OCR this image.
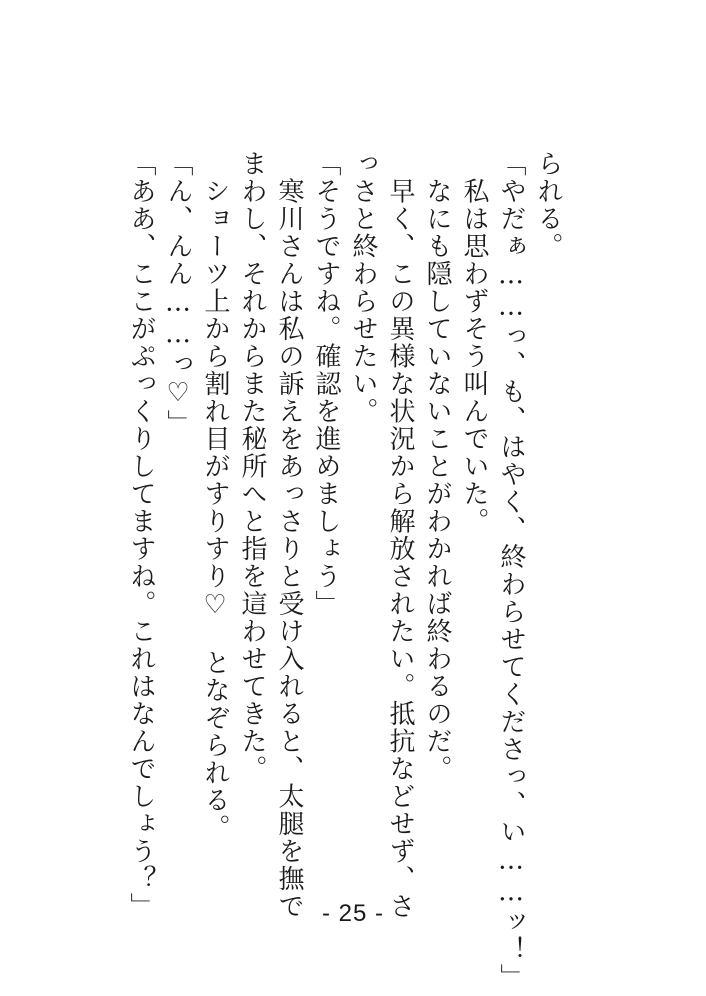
られる。
「やだぁ……っ、も、はやく、終わらせてくださっ、い……ッ！」
　私は思わずそう叫んでいた。
　なにも隠していないことがわかれば終わるのだ。
　早く、この異様な状況から解放されたい。抵抗などせず、さ
っさと終わらせたい。
「そうですね。確認を進めましょう」
　寒川さんは私の訴えをあっさりと受け入れると、太腿を撫で
まわし、それからまた秘所へと指を這わせてきた。
　ショーツ上から割れ目がすりすり♡　となぞられる。
「ん、んん……っ♡」
「ああ、ここがぷっくりしてますね。これはなんでしょう？」	- 25 -
